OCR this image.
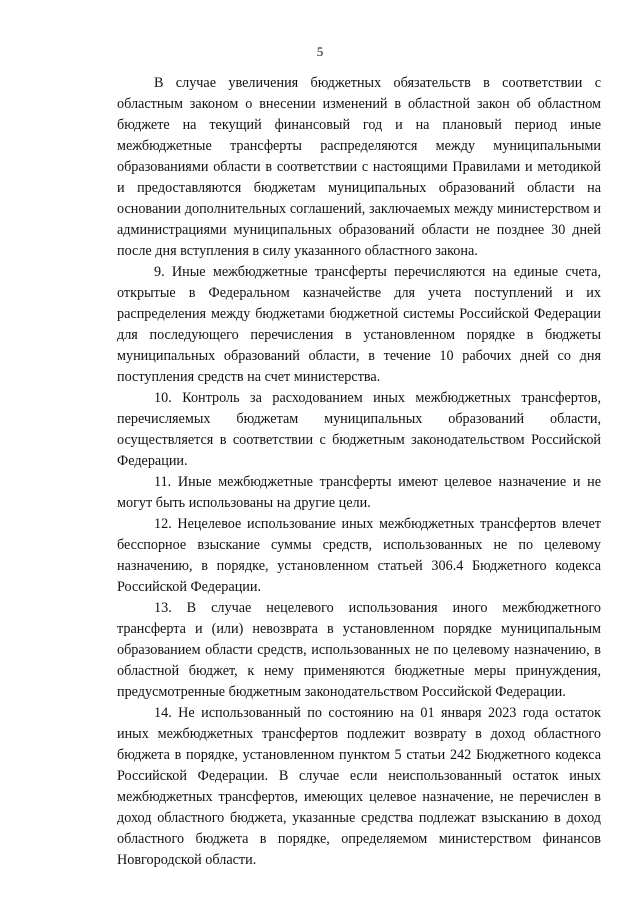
5

В случае увеличения бюджетных обязательств в соответствии с областным законом о внесении изменений в областной закон об областном бюджете на текущий финансовый год и на плановый период иные межбюджетные трансферты распределяются между муниципальными образованиями области в соответствии с настоящими Правилами и методикой и предоставляются бюджетам муниципальных образований области на основании дополнительных соглашений, заключаемых между министерством и администрациями муниципальных образований области не позднее 30 дней после дня вступления в силу указанного областного закона.

9. Иные межбюджетные трансферты перечисляются на единые счета, открытые в Федеральном казначействе для учета поступлений и их распределения между бюджетами бюджетной системы Российской Федерации для последующего перечисления в установленном порядке в бюджеты муниципальных образований области, в течение 10 рабочих дней со дня поступления средств на счет министерства.

10. Контроль за расходованием иных межбюджетных трансфертов, перечисляемых бюджетам муниципальных образований области, осуществляется в соответствии с бюджетным законодательством Российской Федерации.

11. Иные межбюджетные трансферты имеют целевое назначение и не могут быть использованы на другие цели.

12. Нецелевое использование иных межбюджетных трансфертов влечет бесспорное взыскание суммы средств, использованных не по целевому назначению, в порядке, установленном статьей 306.4 Бюджетного кодекса Российской Федерации.

13. В случае нецелевого использования иного межбюджетного трансферта и (или) невозврата в установленном порядке муниципальным образованием области средств, использованных не по целевому назначению, в областной бюджет, к нему применяются бюджетные меры принуждения, предусмотренные бюджетным законодательством Российской Федерации.

14. Не использованный по состоянию на 01 января 2023 года остаток иных межбюджетных трансфертов подлежит возврату в доход областного бюджета в порядке, установленном пунктом 5 статьи 242 Бюджетного кодекса Российской Федерации. В случае если неиспользованный остаток иных межбюджетных трансфертов, имеющих целевое назначение, не перечислен в доход областного бюджета, указанные средства подлежат взысканию в доход областного бюджета в порядке, определяемом министерством финансов Новгородской области.
